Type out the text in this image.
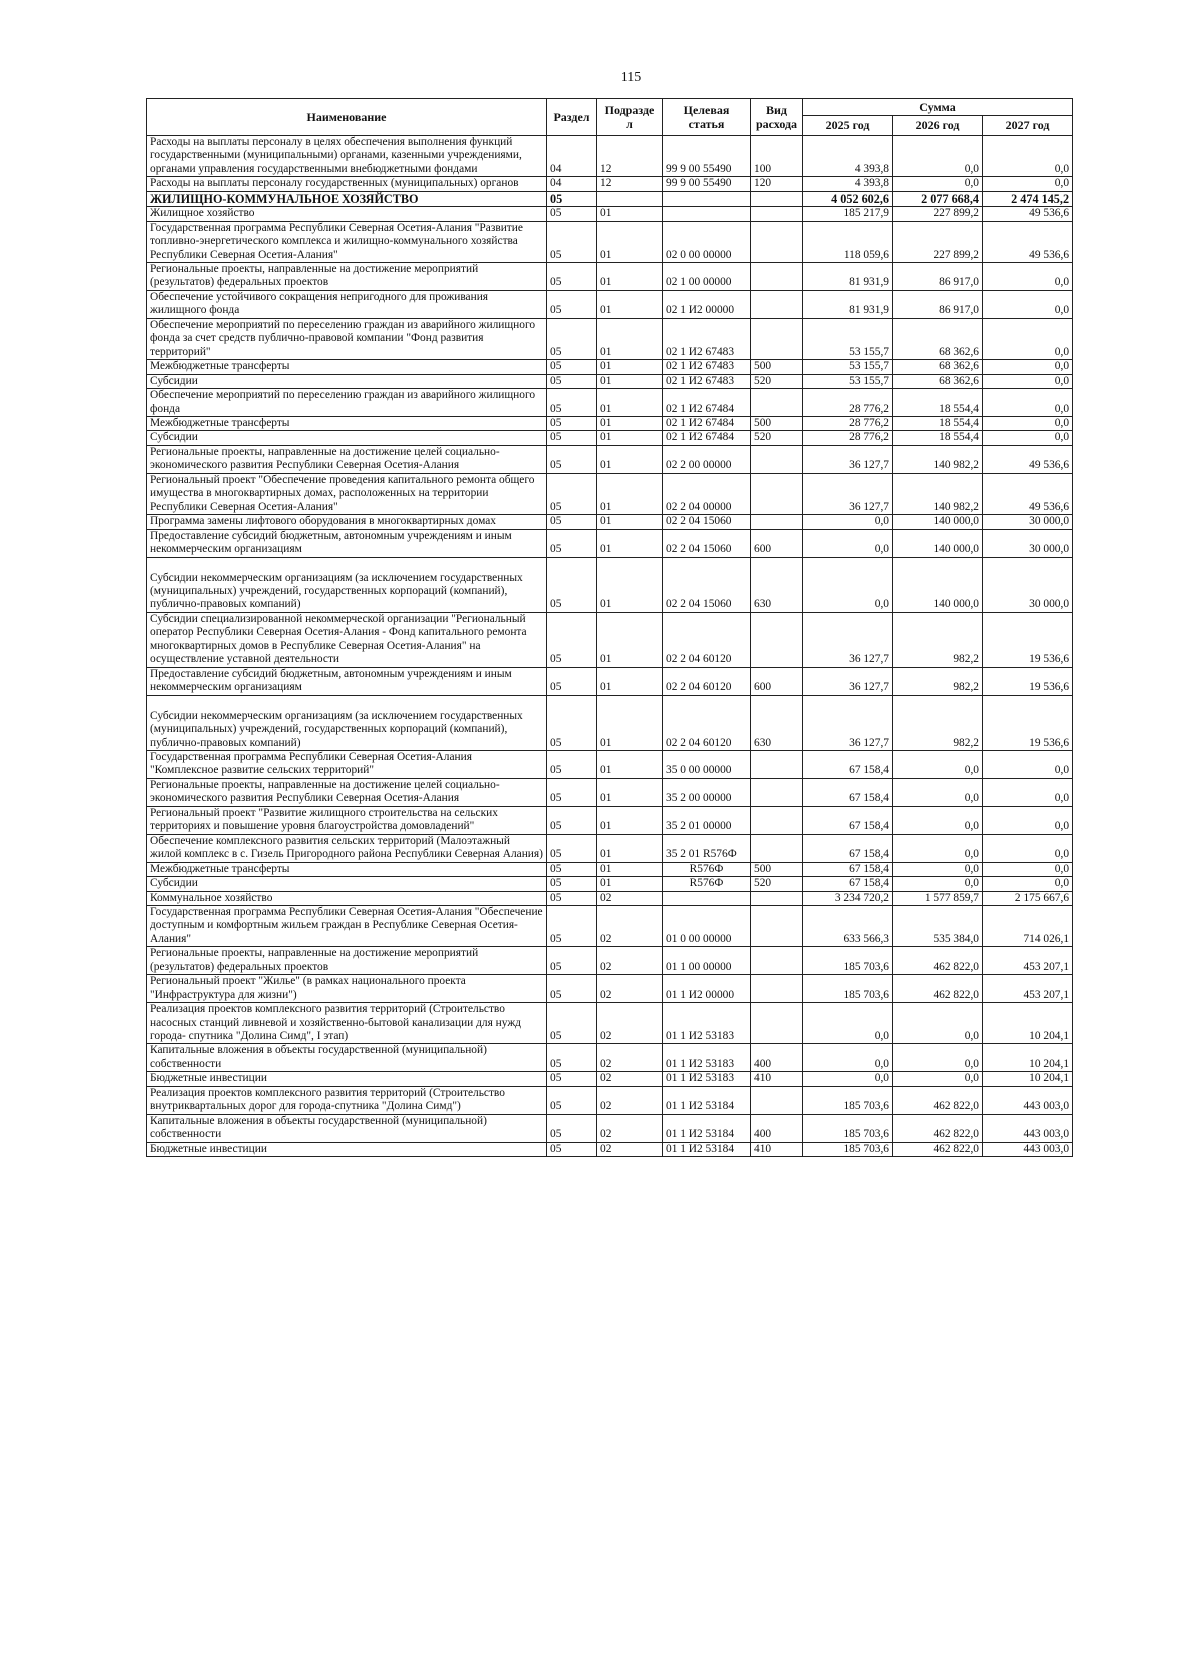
115
Наименование	Раздел	Подразде л	Целевая статья	Вид расхода	Сумма		
					2025 год	2026 год	2027 год
Расходы на выплаты персоналу в целях обеспечения выполнения функций государственными (муниципальными) органами, казенными учреждениями, органами управления государственными внебюджетными фондами	04	12	99 9 00 55490	100	4 393,8	0,0	0,0
Расходы на выплаты персоналу государственных (муниципальных) органов	04	12	99 9 00 55490	120	4 393,8	0,0	0,0
ЖИЛИЩНО-КОММУНАЛЬНОЕ ХОЗЯЙСТВО	05				4 052 602,6	2 077 668,4	2 474 145,2
Жилищное хозяйство	05	01			185 217,9	227 899,2	49 536,6
Государственная программа Республики Северная Осетия-Алания "Развитие топливно-энергетического комплекса и жилищно-коммунального хозяйства Республики Северная Осетия-Алания"	05	01	02 0 00 00000		118 059,6	227 899,2	49 536,6
Региональные проекты, направленные на достижение мероприятий (результатов) федеральных проектов	05	01	02 1 00 00000		81 931,9	86 917,0	0,0
Обеспечение устойчивого сокращения непригодного для проживания жилищного фонда	05	01	02 1 И2 00000		81 931,9	86 917,0	0,0
Обеспечение мероприятий по переселению граждан из аварийного жилищного фонда за счет средств публично-правовой компании "Фонд развития территорий"	05	01	02 1 И2 67483		53 155,7	68 362,6	0,0
Межбюджетные трансферты	05	01	02 1 И2 67483	500	53 155,7	68 362,6	0,0
Субсидии	05	01	02 1 И2 67483	520	53 155,7	68 362,6	0,0
Обеспечение мероприятий по переселению граждан из аварийного жилищного фонда	05	01	02 1 И2 67484		28 776,2	18 554,4	0,0
Межбюджетные трансферты	05	01	02 1 И2 67484	500	28 776,2	18 554,4	0,0
Субсидии	05	01	02 1 И2 67484	520	28 776,2	18 554,4	0,0
Региональные проекты, направленные на достижение целей социально-экономического развития Республики Северная Осетия-Алания	05	01	02 2 00 00000		36 127,7	140 982,2	49 536,6
Региональный проект "Обеспечение проведения капитального ремонта общего имущества в многоквартирных домах, расположенных на территории Республики Северная Осетия-Алания"	05	01	02 2 04 00000		36 127,7	140 982,2	49 536,6
Программа замены лифтового оборудования в многоквартирных домах	05	01	02 2 04 15060		0,0	140 000,0	30 000,0
Предоставление субсидий бюджетным, автономным учреждениям и иным некоммерческим организациям	05	01	02 2 04 15060	600	0,0	140 000,0	30 000,0
Субсидии некоммерческим организациям (за исключением государственных (муниципальных) учреждений, государственных корпораций (компаний), публично-правовых компаний)	05	01	02 2 04 15060	630	0,0	140 000,0	30 000,0
Субсидии специализированной некоммерческой организации "Региональный оператор Республики Северная Осетия-Алания - Фонд капитального ремонта многоквартирных домов в Республике Северная Осетия-Алания" на осуществление уставной деятельности	05	01	02 2 04 60120		36 127,7	982,2	19 536,6
Предоставление субсидий бюджетным, автономным учреждениям и иным некоммерческим организациям	05	01	02 2 04 60120	600	36 127,7	982,2	19 536,6
Субсидии некоммерческим организациям (за исключением государственных (муниципальных) учреждений, государственных корпораций (компаний), публично-правовых компаний)	05	01	02 2 04 60120	630	36 127,7	982,2	19 536,6
Государственная программа Республики Северная Осетия-Алания "Комплексное развитие сельских территорий"	05	01	35 0 00 00000		67 158,4	0,0	0,0
Региональные проекты, направленные на достижение целей социально-экономического развития Республики Северная Осетия-Алания	05	01	35 2 00 00000		67 158,4	0,0	0,0
Региональный проект "Развитие жилищного строительства на сельских территориях и повышение уровня благоустройства домовладений"	05	01	35 2 01 00000		67 158,4	0,0	0,0
Обеспечение комплексного развития сельских территорий (Малоэтажный жилой комплекс в с. Гизель Пригородного района Республики Северная Алания)	05	01	35 2 01 R576Ф		67 158,4	0,0	0,0
Межбюджетные трансферты	05	01	R576Ф	500	67 158,4	0,0	0,0
Субсидии	05	01	R576Ф	520	67 158,4	0,0	0,0
Коммунальное хозяйство	05	02			3 234 720,2	1 577 859,7	2 175 667,6
Государственная программа Республики Северная Осетия-Алания "Обеспечение доступным и комфортным жильем граждан в Республике Северная Осетия-Алания"	05	02	01 0 00 00000		633 566,3	535 384,0	714 026,1
Региональные проекты, направленные на достижение мероприятий (результатов) федеральных проектов	05	02	01 1 00 00000		185 703,6	462 822,0	453 207,1
Региональный проект "Жилье" (в рамках национального проекта "Инфраструктура для жизни")	05	02	01 1 И2 00000		185 703,6	462 822,0	453 207,1
Реализация проектов комплексного развития территорий (Строительство насосных станций ливневой и хозяйственно-бытовой канализации для нужд города- спутника "Долина Симд", I этап)	05	02	01 1 И2 53183		0,0	0,0	10 204,1
Капитальные вложения в объекты государственной (муниципальной) собственности	05	02	01 1 И2 53183	400	0,0	0,0	10 204,1
Бюджетные инвестиции	05	02	01 1 И2 53183	410	0,0	0,0	10 204,1
Реализация проектов комплексного развития территорий (Строительство внутриквартальных дорог для города-спутника "Долина Симд")	05	02	01 1 И2 53184		185 703,6	462 822,0	443 003,0
Капитальные вложения в объекты государственной (муниципальной) собственности	05	02	01 1 И2 53184	400	185 703,6	462 822,0	443 003,0
Бюджетные инвестиции	05	02	01 1 И2 53184	410	185 703,6	462 822,0	443 003,0
